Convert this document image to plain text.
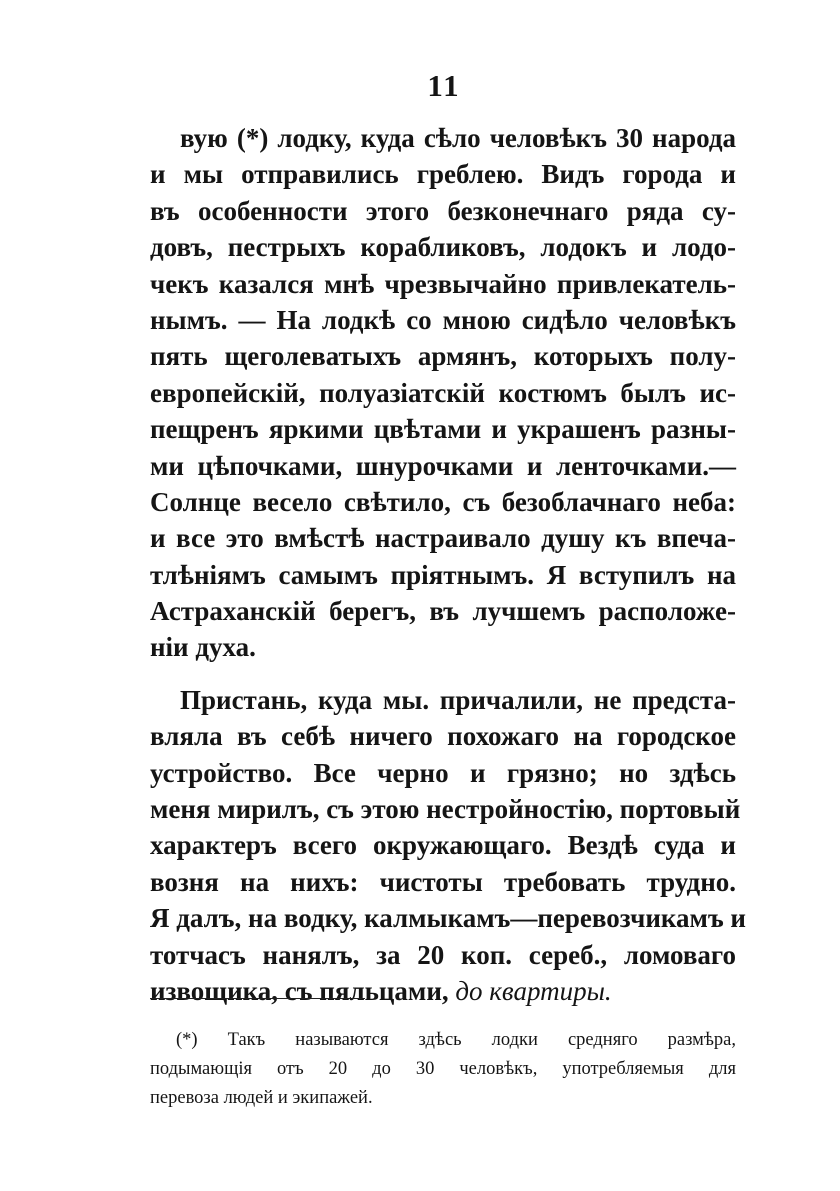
11
вую (*) лодку, куда сѣло человѣкъ 30 народа
и мы отправились греблею. Видъ города и
въ особенности этого безконечнаго ряда су-
довъ, пестрыхъ корабликовъ, лодокъ и лодо-
чекъ казался мнѣ чрезвычайно привлекатель-
нымъ. — На лодкѣ со мною сидѣло человѣкъ
пять щеголеватыхъ армянъ, которыхъ полу-
европейскій, полуазіатскій костюмъ былъ ис-
пещренъ яркими цвѣтами и украшенъ разны-
ми цѣпочками, шнурочками и ленточками.—
Солнце весело свѣтило, съ безоблачнаго неба:
и все это вмѣстѣ настраивало душу къ впеча-
тлѣніямъ самымъ пріятнымъ. Я вступилъ на
Астраханскій берегъ, въ лучшемъ расположе-
ніи духа.
Пристань, куда мы. причалили, не предста-
вляла въ себѣ ничего похожаго на городское
устройство. Все черно и грязно; но здѣсь
меня мирилъ, съ этою нестройностію, портовый
характеръ всего окружающаго. Вездѣ суда и
возня на нихъ: чистоты требовать трудно.
Я далъ, на водку, калмыкамъ—перевозчикамъ и
тотчасъ нанялъ, за 20 коп. сереб., ломоваго
извощика, съ пяльцами, до квартиры.
(*) Такъ называются здѣсь лодки средняго размѣра,
подымающія отъ 20 до 30 человѣкъ, употребляемыя для
перевоза людей и экипажей.
